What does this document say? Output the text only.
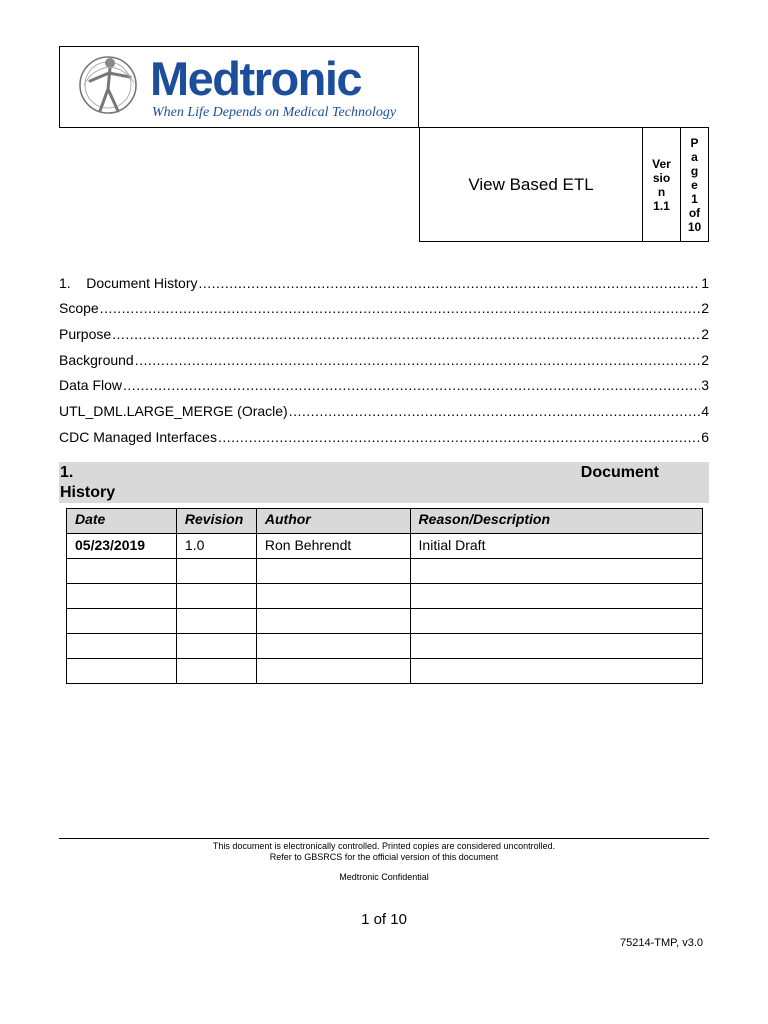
Medtronic
When Life Depends on Medical Technology
View Based ETL
Ver
sio
n
1.1
P
a
g
e
1
of
10
1.    Document History .....	1
Scope .....	2
Purpose .....	2
Background .....	2
Data Flow .....	3
UTL_DML.LARGE_MERGE (Oracle) .....	4
CDC Managed Interfaces .....	6
1.	Document
History
Date	Revision	Author	Reason/Description
05/23/2019	1.0	Ron Behrendt	Initial Draft

This document is electronically controlled. Printed copies are considered uncontrolled.
Refer to GBSRCS for the official version of this document
Medtronic Confidential
1 of 10
75214-TMP, v3.0
